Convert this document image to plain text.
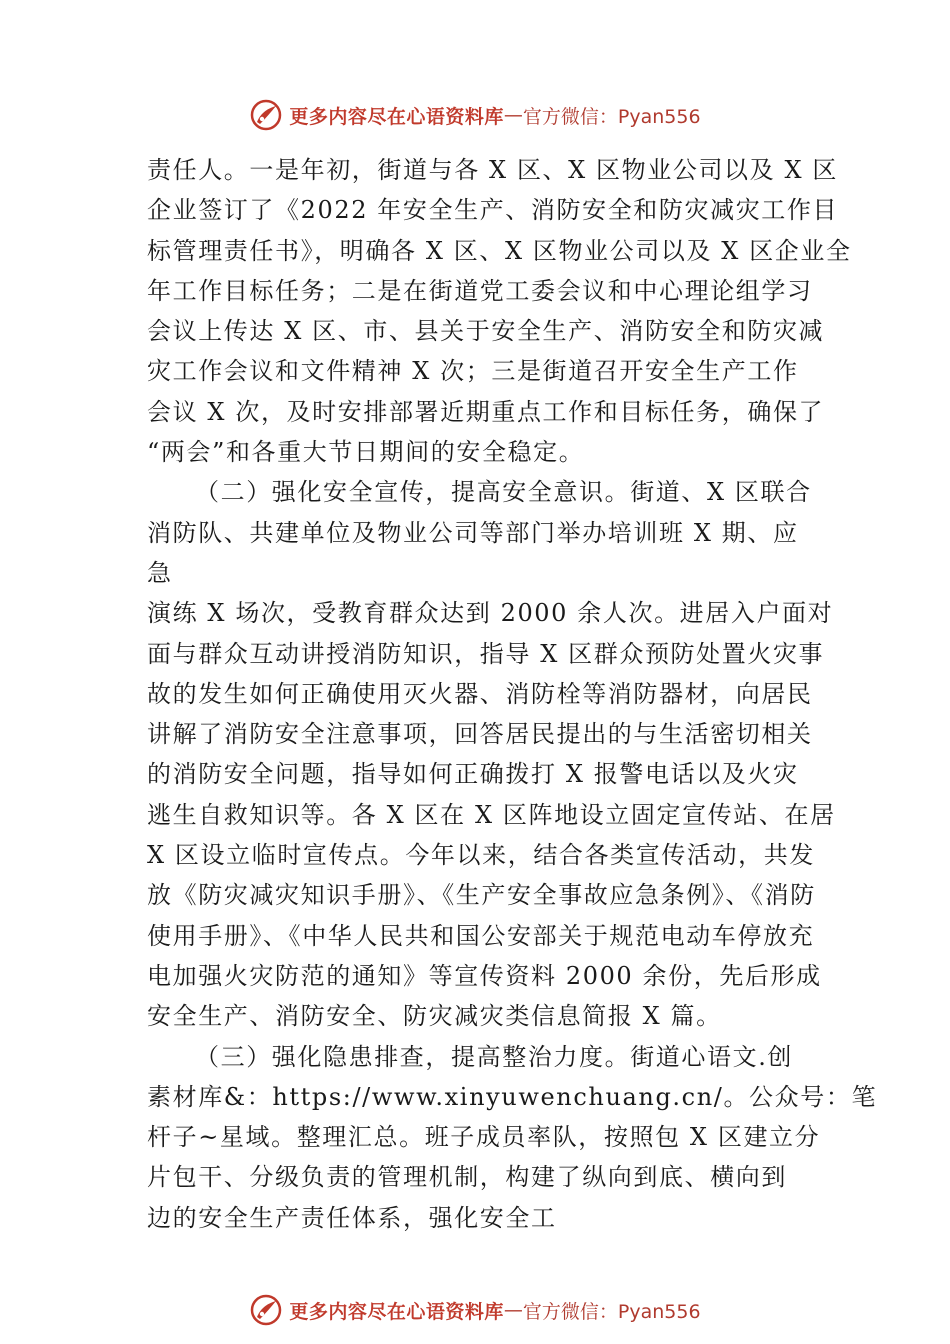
更多内容尽在心语资料库 — 官方微信：Pyan556
责任人。一是年初，街道与各 X 区、X 区物业公司以及 X 区
企业签订了《2022 年安全生产、消防安全和防灾减灾工作目
标管理责任书》，明确各 X 区、X 区物业公司以及 X 区企业全
年工作目标任务；二是在街道党工委会议和中心理论组学习
会议上传达 X 区、市、县关于安全生产、消防安全和防灾减
灾工作会议和文件精神 X 次；三是街道召开安全生产工作
会议 X 次，及时安排部署近期重点工作和目标任务，确保了
“两会”和各重大节日期间的安全稳定。
（二）强化安全宣传，提高安全意识。街道、X 区联合
消防队、共建单位及物业公司等部门举办培训班 X 期、应
急
演练 X 场次，受教育群众达到 2000 余人次。进居入户面对
面与群众互动讲授消防知识，指导 X 区群众预防处置火灾事
故的发生如何正确使用灭火器、消防栓等消防器材，向居民
讲解了消防安全注意事项，回答居民提出的与生活密切相关
的消防安全问题，指导如何正确拨打 X 报警电话以及火灾
逃生自救知识等。各 X 区在 X 区阵地设立固定宣传站、在居
X 区设立临时宣传点。今年以来，结合各类宣传活动，共发
放《防灾减灾知识手册》、《生产安全事故应急条例》、《消防
使用手册》、《中华人民共和国公安部关于规范电动车停放充
电加强火灾防范的通知》等宣传资料 2000 余份，先后形成
安全生产、消防安全、防灾减灾类信息简报 X 篇。
（三）强化隐患排查，提高整治力度。街道心语文.创
素材库&：https://www.xinyuwenchuang.cn/。公众号：笔
杆子~星域。整理汇总。班子成员率队，按照包 X 区建立分
片包干、分级负责的管理机制，构建了纵向到底、横向到
边的安全生产责任体系，强化安全工
更多内容尽在心语资料库 — 官方微信：Pyan556
